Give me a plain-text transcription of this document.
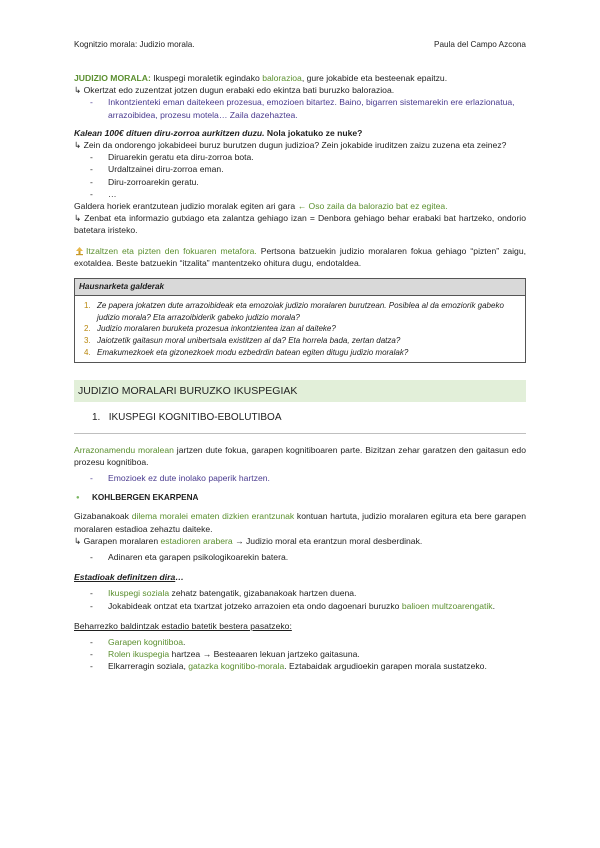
Kognitzio morala: Judizio morala.	Paula del Campo Azcona

JUDIZIO MORALA: Ikuspegi moraletik egindako balorazioa, gure jokabide eta besteenak epaitzu.

↳ Okertzat edo zuzentzat jotzen dugun erabaki edo ekintza bati buruzko balorazioa.

- Inkontzienteki eman daitekeen prozesua, emozioen bitartez. Baino, bigarren sistemarekin ere erlazionatua, arrazoibidea, prozesu motela… Zaila dazehaztea.

Kalean 100€ dituen diru-zorroa aurkitzen duzu. Nola jokatuko ze nuke?

↳ Zein da ondorengo jokabideei buruz burutzen dugun judizioa? Zein jokabide iruditzen zaizu zuzena eta zeinez?

- Diruarekin geratu eta diru-zorroa bota.
- Urdaltzainei diru-zorroa eman.
- Diru-zorroarekin geratu.
- …

Galdera horiek erantzutean judizio moralak egiten ari gara ← Oso zaila da balorazio bat ez egitea.

↳ Zenbat eta informazio gutxiago eta zalantza gehiago izan = Denbora gehiago behar erabaki bat hartzeko, ondorio batetara iristeko.

Itzaltzen eta pizten den fokuaren metafora. Pertsona batzuekin judizio moralaren fokua gehiago “pizten” zaigu, exotaldea. Beste batzuekin “itzalita” mantentzeko ohitura dugu, endotaldea.

Hausnarketa galderak
1. Ze papera jokatzen dute arrazoibideak eta emozoiak judizio moralaren burutzean. Posiblea al da emoziorik gabeko judizio morala? Eta arrazoibiderik gabeko judizio morala?
2. Judizio moralaren buruketa prozesua inkontzientea izan al daiteke?
3. Jaiotzetik gaitasun moral unibertsala existitzen al da? Eta horrela bada, zertan datza?
4. Emakumezkoek eta gizonezkoek modu ezbedrdin batean egiten ditugu judizio moralak?
JUDIZIO MORALARI BURUZKO IKUSPEGIAK
1. IKUSPEGI KOGNITIBO-EBOLUTIBOA

Arrazonamendu moralean jartzen dute fokua, garapen kognitiboaren parte. Bizitzan zehar garatzen den gaitasun edo prozesu kognitiboa.

- Emozioek ez dute inolako paperik hartzen.
● KOHLBERGEN EKARPENA

Gizabanakoak dilema moralei ematen dizkien erantzunak kontuan hartuta, judizio moralaren egitura eta bere garapen moralaren estadioa zehaztu daiteke.

↳ Garapen moralaren estadioren arabera → Judizio moral eta erantzun moral desberdinak.

- Adinaren eta garapen psikologikoarekin batera.

Estadioak definitzen dira…

- Ikuspegi soziala zehatz batengatik, gizabanakoak hartzen duena.
- Jokabideak ontzat eta txartzat jotzeko arrazoien eta ondo dagoenari buruzko balioen multzoarengatik.

Beharrezko baldintzak estadio batetik bestera pasatzeko:

- Garapen kognitiboa.
- Rolen ikuspegia hartzea → Besteaaren lekuan jartzeko gaitasuna.
- Elkarreragin soziala, gatazka kognitibo-morala. Eztabaidak argudioekin garapen morala sustatzeko.
